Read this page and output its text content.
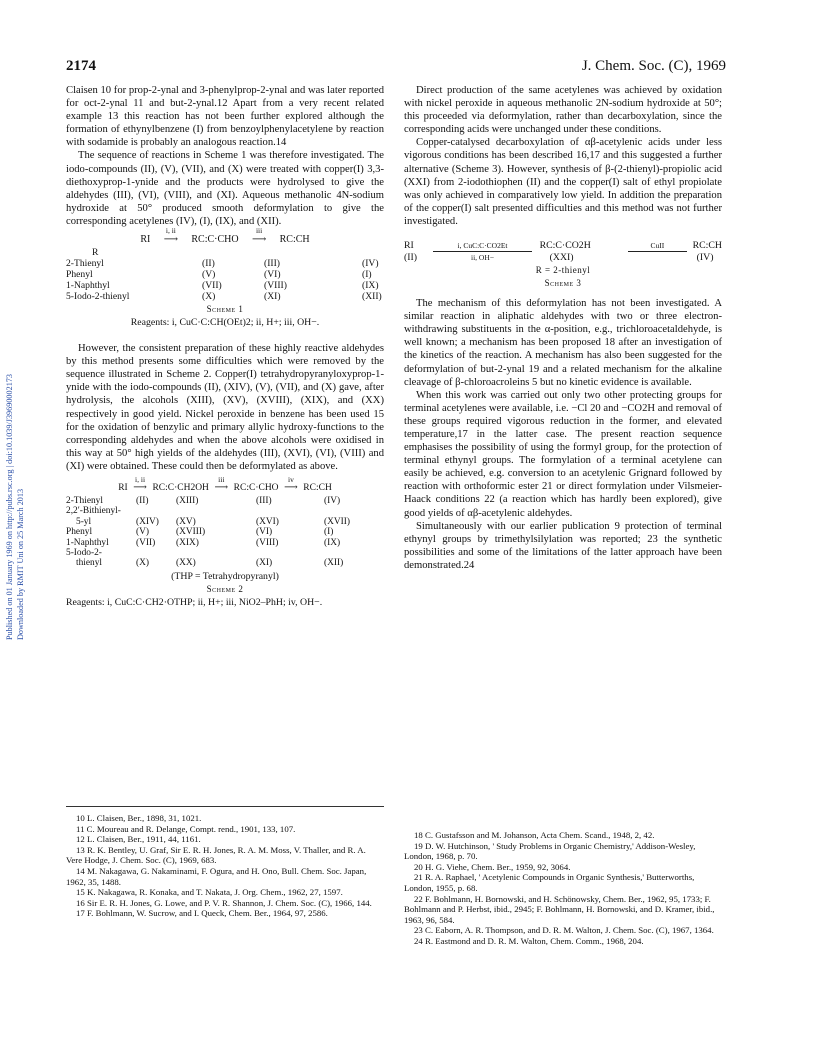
2174	J. Chem. Soc. (C), 1969
Published on 01 January 1969 on http://pubs.rsc.org | doi:10.1039/J39690002173 Downloaded by RMIT Uni on 25 March 2013

Claisen 10 for prop-2-ynal and 3-phenylprop-2-ynal and was later reported for oct-2-ynal 11 and but-2-ynal.12 Apart from a very recent related example 13 this reaction has not been further explored although the formation of ethynylbenzene (I) from benzoylphenylacetylene by reaction with sodamide is probably an analogous reaction.14

The sequence of reactions in Scheme 1 was therefore investigated. The iodo-compounds (II), (V), (VII), and (X) were treated with copper(I) 3,3-diethoxyprop-1-ynide and the products were hydrolysed to give the aldehydes (III), (VI), (VIII), and (XI). Aqueous methanolic 4N-sodium hydroxide at 50° produced smooth deformylation to give the corresponding acetylenes (IV), (I), (IX), and (XII).

RI
i, ii
⟶ RC:C·CHO
iii
⟶ RC:CH
R			
2-Thienyl	(II)	(III)	(IV)
Phenyl	(V)	(VI)	(I)
1-Naphthyl	(VII)	(VIII)	(IX)
5-Iodo-2-thienyl	(X)	(XI)	(XII)
Scheme 1
Reagents: i, CuC·C:CH(OEt)2; ii, H+; iii, OH−.

However, the consistent preparation of these highly reactive aldehydes by this method presents some difficulties which were removed by the sequence illustrated in Scheme 2. Copper(I) tetrahydropyranyloxyprop-1-ynide with the iodo-compounds (II), (XIV), (V), (VII), and (X) gave, after hydrolysis, the alcohols (XIII), (XV), (XVIII), (XIX), and (XX) respectively in good yield. Nickel peroxide in benzene has been used 15 for the oxidation of benzylic and primary allylic hydroxy-functions to the corresponding aldehydes and when the above alcohols were oxidised in this way at 50° high yields of the aldehydes (III), (XVI), (VI), (VIII) and (XI) were obtained. These could then be deformylated as above.

RI
i, ii
⟶ RC:C·CH2OH
iii
⟶ RC:C·CHO
iv
⟶ RC:CH
2-Thienyl	(II)	(XIII)	(III)	(IV)
2,2′-Bithienyl-				
5-yl	(XIV)	(XV)	(XVI)	(XVII)
Phenyl	(V)	(XVIII)	(VI)	(I)
1-Naphthyl	(VII)	(XIX)	(VIII)	(IX)
5-Iodo-2-				
thienyl	(X)	(XX)	(XI)	(XII)
(THP = Tetrahydropyranyl)
Scheme 2
Reagents: i, CuC:C·CH2·OTHP; ii, H+; iii, NiO2–PhH; iv, OH−.

Direct production of the same acetylenes was achieved by oxidation with nickel peroxide in aqueous methanolic 2N-sodium hydroxide at 50°; this proceeded via deformylation, rather than decarboxylation, since the corresponding acids were unchanged under these conditions.

Copper-catalysed decarboxylation of αβ-acetylenic acids under less vigorous conditions has been described 16,17 and this suggested a further alternative (Scheme 3). However, synthesis of β-(2-thienyl)-propiolic acid (XXI) from 2-iodothiophen (II) and the copper(I) salt of ethyl propiolate was only achieved in comparatively low yield. In addition the preparation of the copper(I) salt presented difficulties and this method was not further investigated.

RI	i, CuC:C·CO2Et	RC:C·CO2H	CuII	RC:CH
(II)	ii, OH−	(XXI)		(IV)
R = 2-thienyl
Scheme 3

The mechanism of this deformylation has not been investigated. A similar reaction in aliphatic aldehydes with two or three electron-withdrawing substituents in the α-position, e.g., trichloroacetaldehyde, is well known; a mechanism has been proposed 18 after an investigation of the kinetics of the reaction. A mechanism has also been suggested for the deformylation of but-2-ynal 19 and a related mechanism for the alkaline cleavage of β-chloroacroleins 5 but no kinetic evidence is available.

When this work was carried out only two other protecting groups for terminal acetylenes were available, i.e. −Cl 20 and −CO2H and removal of these groups required vigorous reduction in the former, and elevated temperature,17 in the latter case. The present reaction sequence emphasises the possibility of using the formyl group, for the protection of terminal ethynyl groups. The formylation of a terminal acetylene can easily be achieved, e.g. conversion to an acetylenic Grignard followed by reaction with orthoformic ester 21 or direct formylation under Vilsmeier-Haack conditions 22 (a reaction which has hardly been explored), give good yields of αβ-acetylenic aldehydes.

Simultaneously with our earlier publication 9 protection of terminal ethynyl groups by trimethylsilylation was reported; 23 the synthetic possibilities and some of the limitations of the latter approach have been demonstrated.24

10 L. Claisen, Ber., 1898, 31, 1021.

11 C. Moureau and R. Delange, Compt. rend., 1901, 133, 107.

12 L. Claisen, Ber., 1911, 44, 1161.

13 R. K. Bentley, U. Graf, Sir E. R. H. Jones, R. A. M. Moss, V. Thaller, and R. A. Vere Hodge, J. Chem. Soc. (C), 1969, 683.

14 M. Nakagawa, G. Nakaminami, F. Ogura, and H. Ono, Bull. Chem. Soc. Japan, 1962, 35, 1488.

15 K. Nakagawa, R. Konaka, and T. Nakata, J. Org. Chem., 1962, 27, 1597.

16 Sir E. R. H. Jones, G. Lowe, and P. V. R. Shannon, J. Chem. Soc. (C), 1966, 144.

17 F. Bohlmann, W. Sucrow, and I. Queck, Chem. Ber., 1964, 97, 2586.

18 C. Gustafsson and M. Johanson, Acta Chem. Scand., 1948, 2, 42.

19 D. W. Hutchinson, ' Study Problems in Organic Chemistry,' Addison-Wesley, London, 1968, p. 70.

20 H. G. Viehe, Chem. Ber., 1959, 92, 3064.

21 R. A. Raphael, ' Acetylenic Compounds in Organic Synthesis,' Butterworths, London, 1955, p. 68.

22 F. Bohlmann, H. Bornowski, and H. Schönowsky, Chem. Ber., 1962, 95, 1733; F. Bohlmann and P. Herbst, ibid., 2945; F. Bohlmann, H. Bornowski, and D. Kramer, ibid., 1963, 96, 584.

23 C. Eaborn, A. R. Thompson, and D. R. M. Walton, J. Chem. Soc. (C), 1967, 1364.

24 R. Eastmond and D. R. M. Walton, Chem. Comm., 1968, 204.
